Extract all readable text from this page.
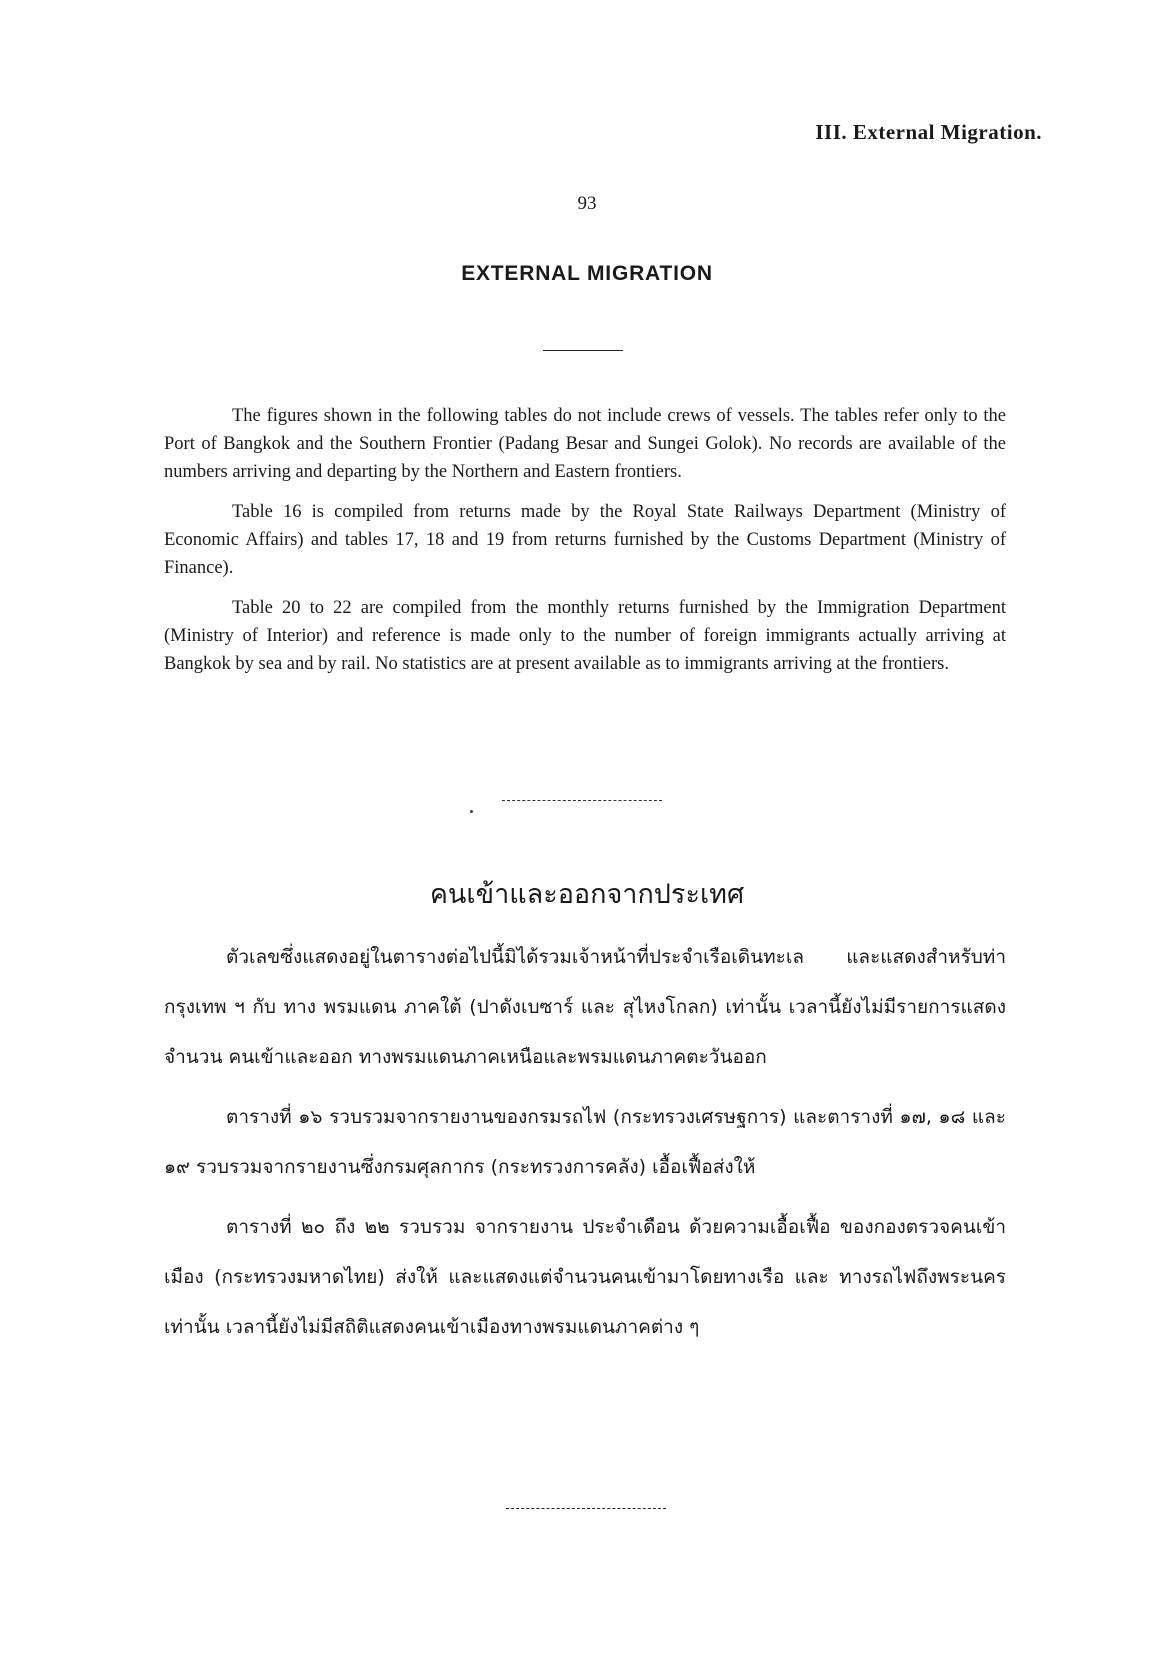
III. External Migration.
93
EXTERNAL MIGRATION

The figures shown in the following tables do not include crews of vessels. The tables refer only to the Port of Bangkok and the Southern Frontier (Padang Besar and Sungei Golok). No records are available of the numbers arriving and departing by the Northern and Eastern frontiers.

Table 16 is compiled from returns made by the Royal State Railways Department (Ministry of Economic Affairs) and tables 17, 18 and 19 from returns furnished by the Customs Department (Ministry of Finance).

Table 20 to 22 are compiled from the monthly returns furnished by the Immigration Department (Ministry of Interior) and reference is made only to the number of foreign immigrants actually arriving at Bangkok by sea and by rail. No statistics are at present available as to immigrants arriving at the frontiers.

คนเข้าและออกจากประเทศ

ตัวเลขซึ่งแสดงอยู่ในตารางต่อไปนี้มิได้รวมเจ้าหน้าที่ประจำเรือเดินทะเล และแสดงสำหรับท่ากรุงเทพ ฯ กับ ทาง พรมแดน ภาคใต้ (ปาดังเบซาร์ และ สุไหงโกลก) เท่านั้น เวลานี้ยังไม่มีรายการแสดงจำนวน คนเข้าและออก ทางพรมแดนภาคเหนือและพรมแดนภาคตะวันออก

ตารางที่ ๑๖ รวบรวมจากรายงานของกรมรถไฟ (กระทรวงเศรษฐการ) และตารางที่ ๑๗, ๑๘ และ ๑๙ รวบรวมจากรายงานซึ่งกรมศุลกากร (กระทรวงการคลัง) เอื้อเฟื้อส่งให้

ตารางที่ ๒๐ ถึง ๒๒ รวบรวม จากรายงาน ประจำเดือน ด้วยความเอื้อเฟื้อ ของกองตรวจคนเข้าเมือง (กระทรวงมหาดไทย) ส่งให้ และแสดงแต่จำนวนคนเข้ามาโดยทางเรือ และ ทางรถไฟถึงพระนครเท่านั้น เวลานี้ยังไม่มีสถิติแสดงคนเข้าเมืองทางพรมแดนภาคต่าง ๆ
